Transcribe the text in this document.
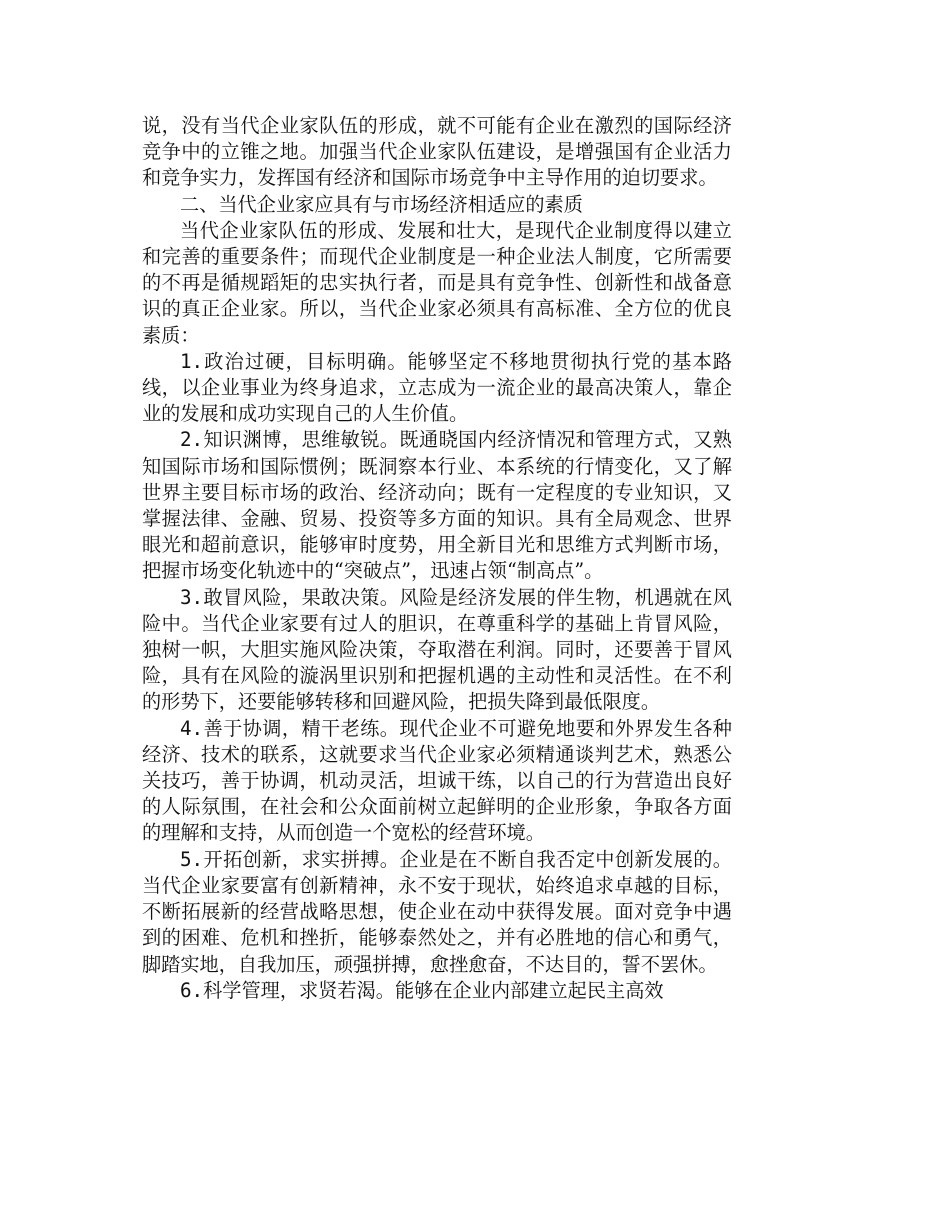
说，没有当代企业家队伍的形成，就不可能有企业在激烈的国际经济竞争中的立锥之地。加强当代企业家队伍建设，是增强国有企业活力和竞争实力，发挥国有经济和国际市场竞争中主导作用的迫切要求。

二、当代企业家应具有与市场经济相适应的素质

当代企业家队伍的形成、发展和壮大，是现代企业制度得以建立和完善的重要条件；而现代企业制度是一种企业法人制度，它所需要的不再是循规蹈矩的忠实执行者，而是具有竞争性、创新性和战备意识的真正企业家。所以，当代企业家必须具有高标准、全方位的优良素质：

1.政治过硬，目标明确。能够坚定不移地贯彻执行党的基本路线，以企业事业为终身追求，立志成为一流企业的最高决策人，靠企业的发展和成功实现自己的人生价值。

2.知识渊博，思维敏锐。既通晓国内经济情况和管理方式，又熟知国际市场和国际惯例；既洞察本行业、本系统的行情变化，又了解世界主要目标市场的政治、经济动向；既有一定程度的专业知识，又掌握法律、金融、贸易、投资等多方面的知识。具有全局观念、世界眼光和超前意识，能够审时度势，用全新目光和思维方式判断市场，把握市场变化轨迹中的“突破点”，迅速占领“制高点”。

3.敢冒风险，果敢决策。风险是经济发展的伴生物，机遇就在风险中。当代企业家要有过人的胆识，在尊重科学的基础上肯冒风险，独树一帜，大胆实施风险决策，夺取潜在利润。同时，还要善于冒风险，具有在风险的漩涡里识别和把握机遇的主动性和灵活性。在不利的形势下，还要能够转移和回避风险，把损失降到最低限度。

4.善于协调，精干老练。现代企业不可避免地要和外界发生各种经济、技术的联系，这就要求当代企业家必须精通谈判艺术，熟悉公关技巧，善于协调，机动灵活，坦诚干练，以自己的行为营造出良好的人际氛围，在社会和公众面前树立起鲜明的企业形象，争取各方面的理解和支持，从而创造一个宽松的经营环境。

5.开拓创新，求实拼搏。企业是在不断自我否定中创新发展的。当代企业家要富有创新精神，永不安于现状，始终追求卓越的目标，不断拓展新的经营战略思想，使企业在动中获得发展。面对竞争中遇到的困难、危机和挫折，能够泰然处之，并有必胜地的信心和勇气，脚踏实地，自我加压，顽强拼搏，愈挫愈奋，不达目的，誓不罢休。

6.科学管理，求贤若渴。能够在企业内部建立起民主高效
